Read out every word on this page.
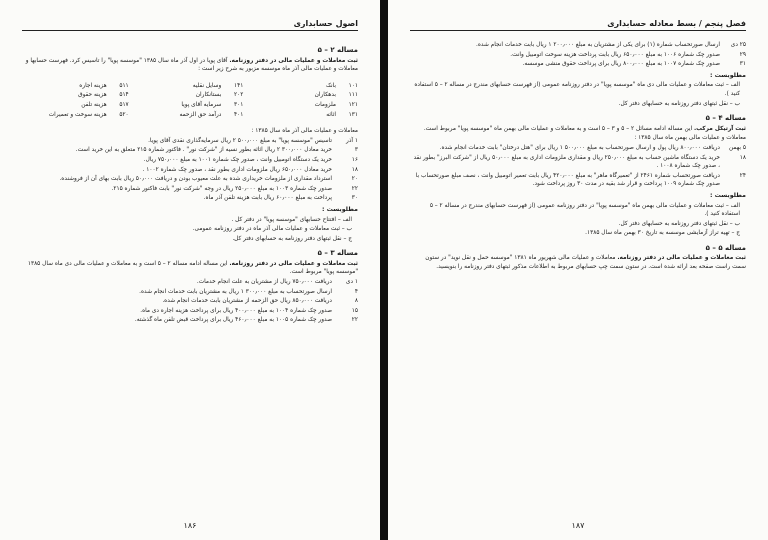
اصول حسابداری
مساله ۲ – ۵
ثبت معاملات و عملیات مالی در دفتر روزنامه. آقای پویا در اول آذر ماه سال ۱۳۸۵ "موسسه پویا" را تاسیس کرد. فهرست حسابها و معاملات و عملیات مالی آذر ماه موسسه مزبور به شرح زیر است :
۱۰۱
بانک
۱۴۱
وسایل نقلیه
۵۱۱
هزینه اجاره
۱۱۱
بدهکاران
۲۰۲
بستانکاران
۵۱۴
هزینه حقوق
۱۲۱
ملزومات
۳۰۱
سرمایه آقای پویا
۵۱۷
هزینه تلفن
۱۳۱
اثاثه
۴۰۱
درآمد حق الزحمه
۵۲۰
هزینه سوخت و تعمیرات
معاملات و عملیات مالی آذر ماه سال ۱۳۸۵ :
۱ آذر
تاسیس "موسسه پویا" به مبلغ ۵۰۰٫۰۰۰ ۲ ریال سرمایه‌گذاری نقدی آقای پویا.
۳
خرید معادل ۳۰۰٫۰۰۰ ۲ ریال اثاثه بطور نسیه از "شرکت نور" . فاکتور شماره ۲۱۵ متعلق به این خرید است.
۱۶
خرید یک دستگاه اتومبیل وانت ، صدور چک شماره ۱۰۰۱ به مبلغ ۷۵۰٫۰۰۰ ریال.
۱۸
خرید معادل ۶۵۰٫۰۰۰ ریال ملزومات اداری بطور نقد ، صدور چک شماره ۱۰۰۲ .
۲۰
استرداد مقداری از ملزومات خریداری شده به علت معیوب بودن و دریافت ۵۰٫۰۰۰ ریال بابت بهای آن از فروشنده.
۲۲
صدور چک شماره ۱۰۰۳ به مبلغ ۲۵۰٫۰۰۰ ریال در وجه "شرکت نور" بابت فاکتور شماره ۲۱۵.
۳۰
پرداخت به مبلغ ۶۰٫۰۰۰ ریال بابت هزینه تلفن آذر ماه.
مطلوبست :
الف – افتتاح حسابهای "موسسه پویا" در دفتر کل .
ب – ثبت معاملات و عملیات مالی آذر ماه در دفتر روزنامه عمومی.
ج – نقل ثبتهای دفتر روزنامه به حسابهای دفتر کل.
مساله ۳ – ۵
ثبت معاملات و عملیات مالی در دفتر روزنامه. این مساله ادامه مساله ۲ – ۵ است و به معاملات و عملیات مالی دی ماه سال ۱۳۸۵ "موسسه پویا" مربوط است.
۱ دی
دریافت ۷۵۰٫۰۰۰ ریال از مشتریان به علت انجام خدمات.
۴
ارسال صورتحساب به مبلغ ۳۰۰٫۰۰۰ ۱ ریال به مشتریان بابت خدمات انجام شده.
۸
دریافت ۸۵۰٫۰۰۰ ریال حق الزحمه از مشتریان بابت خدمات انجام شده.
۱۵
صدور چک شماره ۱۰۰۴ به مبلغ ۴۰۰٫۰۰۰ ریال برای پرداخت هزینه اجاره دی ماه.
۲۲
صدور چک شماره ۱۰۰۵ به مبلغ ۴۶۰٫۰۰۰ ریال برای پرداخت قبض تلفن ماه گذشته.
۱۸۶
فصل پنجم / بسط معادله حسابداری
۲۵ دی
ارسال صورتحساب شماره (۱) برای یکی از مشتریان به مبلغ ۲۰۰٫۰۰۰ ۱ ریال بابت خدمات انجام شده.
۲۹
صدور چک شماره ۱۰۰۶ به مبلغ ۶۵۰٫۰۰۰ ریال بابت پرداخت هزینه سوخت اتومبیل وانت.
۳۱
صدور چک شماره ۱۰۰۷ به مبلغ ۸۰۰٫۰۰۰ ریال برای پرداخت حقوق منشی موسسه.
مطلوبست :
الف – ثبت معاملات و عملیات مالی دی ماه "موسسه پویا" در دفتر روزنامه عمومی (از فهرست حسابهای مندرج در مساله ۲ – ۵ استفاده کنید ).
ب – نقل ثبتهای دفتر روزنامه به حسابهای دفتر کل.
مساله ۴ – ۵
ثبت آرتیکل مرکب. این مساله ادامه مسائل ۲ – ۵ و ۳ – ۵ است و به معاملات و عملیات مالی بهمن ماه "موسسه پویا" مربوط است.
معاملات و عملیات مالی بهمن ماه سال ۱۳۸۵ :
۵ بهمن
دریافت ۸۰۰٫۰۰۰ ریال پول و ارسال صورتحساب به مبلغ ۵۰۰٫۰۰۰ ۱ ریال برای "هتل درختان" بابت خدمات انجام شده.
۱۸
خرید یک دستگاه ماشین حساب به مبلغ ۲۵۰٫۰۰۰ ریال و مقداری ملزومات اداری به مبلغ ۵۰٫۰۰۰ ریال از "شرکت البرز" بطور نقد ، صدور چک شماره ۱۰۰۸ .
۲۴
دریافت صورتحساب شماره ۲۴۶۱ از "تعمیرگاه ماهر" به مبلغ ۴۲۰٫۰۰۰ ریال بابت تعمیر اتومبیل وانت ، نصف مبلغ صورتحساب با صدور چک شماره ۱۰۰۹ پرداخت و قرار شد بقیه در مدت ۳۰ روز پرداخت شود.
مطلوبست :
الف – ثبت معاملات و عملیات مالی بهمن ماه "موسسه پویا" در دفتر روزنامه عمومی (از فهرست حسابهای مندرج در مساله ۲ – ۵ استفاده کنید ).
ب – نقل ثبتهای دفتر روزنامه به حسابهای دفتر کل.
ج – تهیه تراز آزمایشی موسسه به تاریخ ۳۰ بهمن ماه سال ۱۳۸۵.
مساله ۵ – ۵
ثبت معاملات و عملیات مالی در دفتر روزنامه. معاملات و عملیات مالی شهریور ماه ۱۳۸۱ "موسسه حمل و نقل نوید" در ستون سمت راست صفحه بعد ارائه شده است. در ستون سمت چپ حسابهای مربوط به اطلاعات مذکور ثبتهای دفتر روزنامه را بنویسید.
۱۸۷
